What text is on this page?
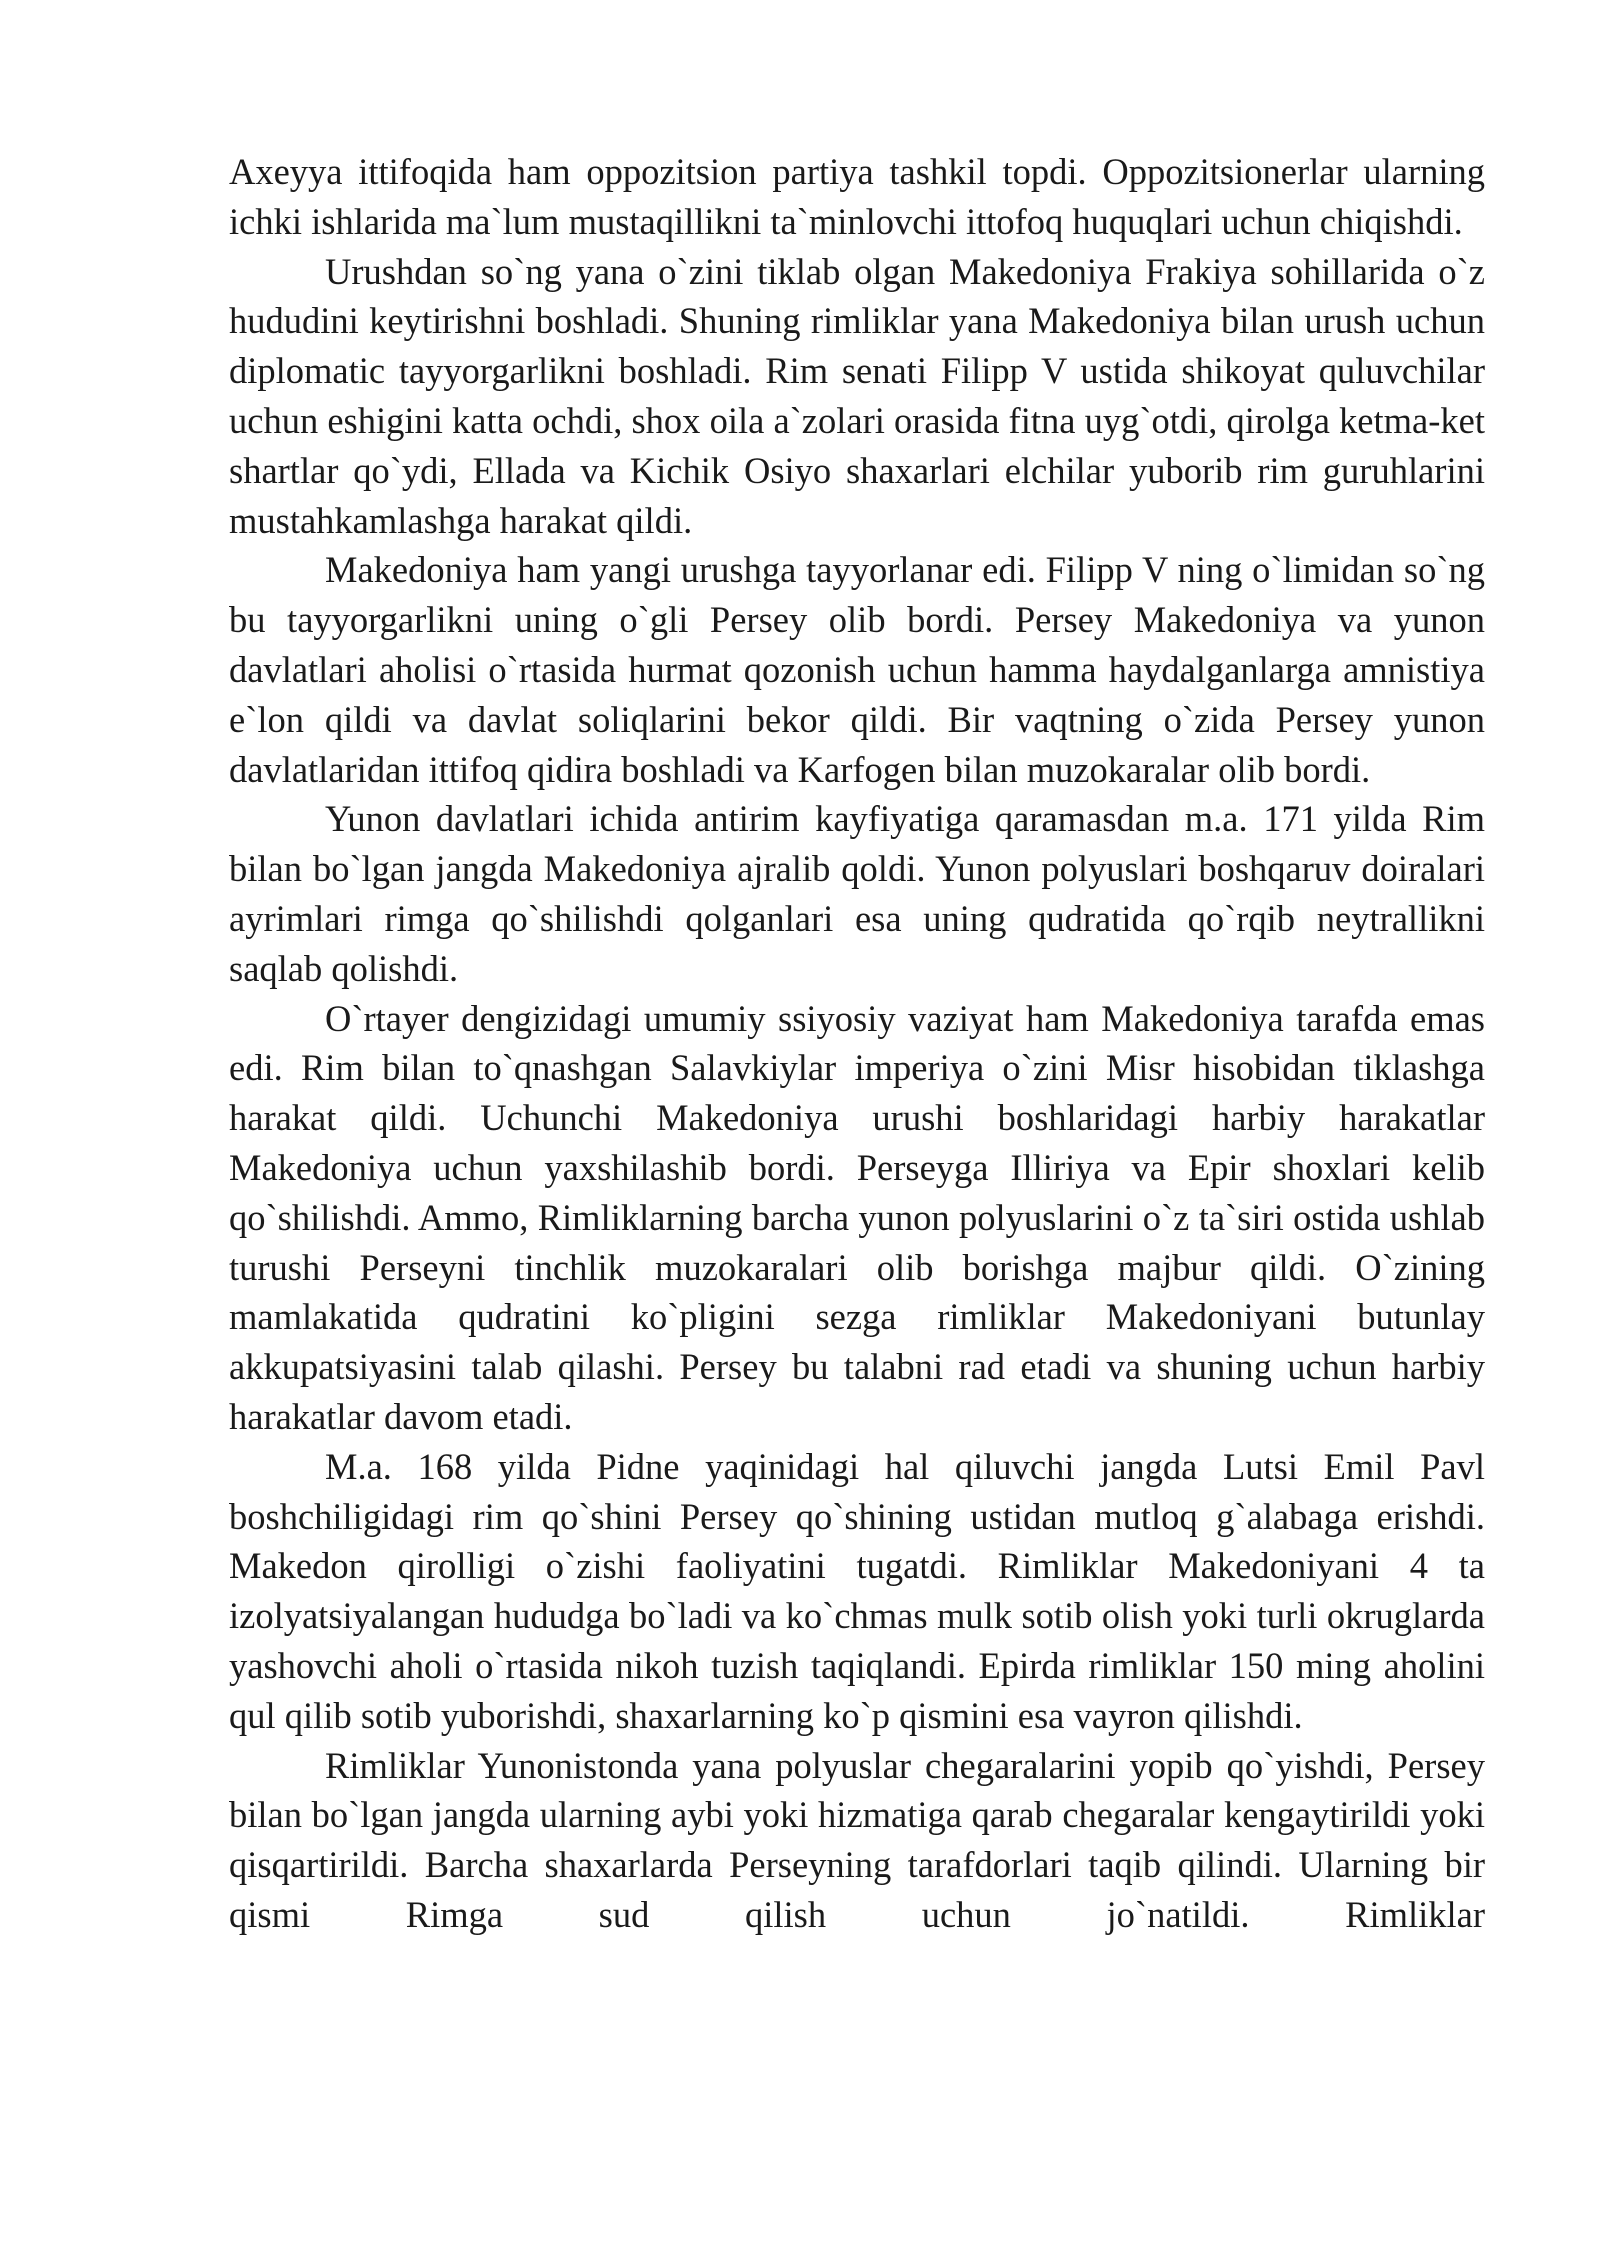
Axeyya ittifoqida ham oppozitsion partiya tashkil topdi. Oppozitsionerlar ularning ichki ishlarida ma`lum mustaqillikni ta`minlovchi ittofoq huquqlari uchun chiqishdi.

Urushdan so`ng yana o`zini tiklab olgan Makedoniya Frakiya sohillarida o`z hududini keytirishni boshladi. Shuning rimliklar yana Makedoniya bilan urush uchun diplomatic tayyorgarlikni boshladi. Rim senati Filipp V ustida shikoyat quluvchilar uchun eshigini katta ochdi, shox oila a`zolari orasida fitna uyg`otdi, qirolga ketma-ket shartlar qo`ydi, Ellada va Kichik Osiyo shaxarlari elchilar yuborib rim guruhlarini mustahkamlashga harakat qildi.

Makedoniya ham yangi urushga tayyorlanar edi. Filipp V ning o`limidan so`ng bu tayyorgarlikni uning o`gli Persey olib bordi. Persey Makedoniya va yunon davlatlari aholisi o`rtasida hurmat qozonish uchun hamma haydalganlarga amnistiya e`lon qildi va davlat soliqlarini bekor qildi. Bir vaqtning o`zida Persey yunon davlatlaridan ittifoq qidira boshladi va Karfogen bilan muzokaralar olib bordi.

Yunon davlatlari ichida antirim kayfiyatiga qaramasdan m.a. 171 yilda Rim bilan bo`lgan jangda Makedoniya ajralib qoldi. Yunon polyuslari boshqaruv doiralari ayrimlari rimga qo`shilishdi qolganlari esa uning qudratida qo`rqib neytrallikni saqlab qolishdi.

O`rtayer dengizidagi umumiy ssiyosiy vaziyat ham Makedoniya tarafda emas edi. Rim bilan to`qnashgan Salavkiylar imperiya o`zini Misr hisobidan tiklashga harakat qildi. Uchunchi Makedoniya urushi boshlaridagi harbiy harakatlar Makedoniya uchun yaxshilashib bordi. Perseyga Illiriya va Epir shoxlari kelib qo`shilishdi. Ammo, Rimliklarning barcha yunon polyuslarini o`z ta`siri ostida ushlab turushi Perseyni tinchlik muzokaralari olib borishga majbur qildi. O`zining mamlakatida qudratini ko`pligini sezga rimliklar Makedoniyani butunlay akkupatsiyasini talab qilashi. Persey bu talabni rad etadi va shuning uchun harbiy harakatlar davom etadi.

M.a. 168 yilda Pidne yaqinidagi hal qiluvchi jangda Lutsi Emil Pavl boshchiligidagi rim qo`shini Persey qo`shining ustidan mutloq g`alabaga erishdi. Makedon qirolligi o`zishi faoliyatini tugatdi. Rimliklar Makedoniyani 4 ta izolyatsiyalangan hududga bo`ladi va ko`chmas mulk sotib olish yoki turli okruglarda yashovchi aholi o`rtasida nikoh tuzish taqiqlandi. Epirda rimliklar 150 ming aholini qul qilib sotib yuborishdi, shaxarlarning ko`p qismini esa vayron qilishdi.

Rimliklar Yunonistonda yana polyuslar chegaralarini yopib qo`yishdi, Persey bilan bo`lgan jangda ularning aybi yoki hizmatiga qarab chegaralar kengaytirildi yoki qisqartirildi. Barcha shaxarlarda Perseyning tarafdorlari taqib qilindi. Ularning bir qismi Rimga sud qilish uchun jo`natildi. Rimliklar
